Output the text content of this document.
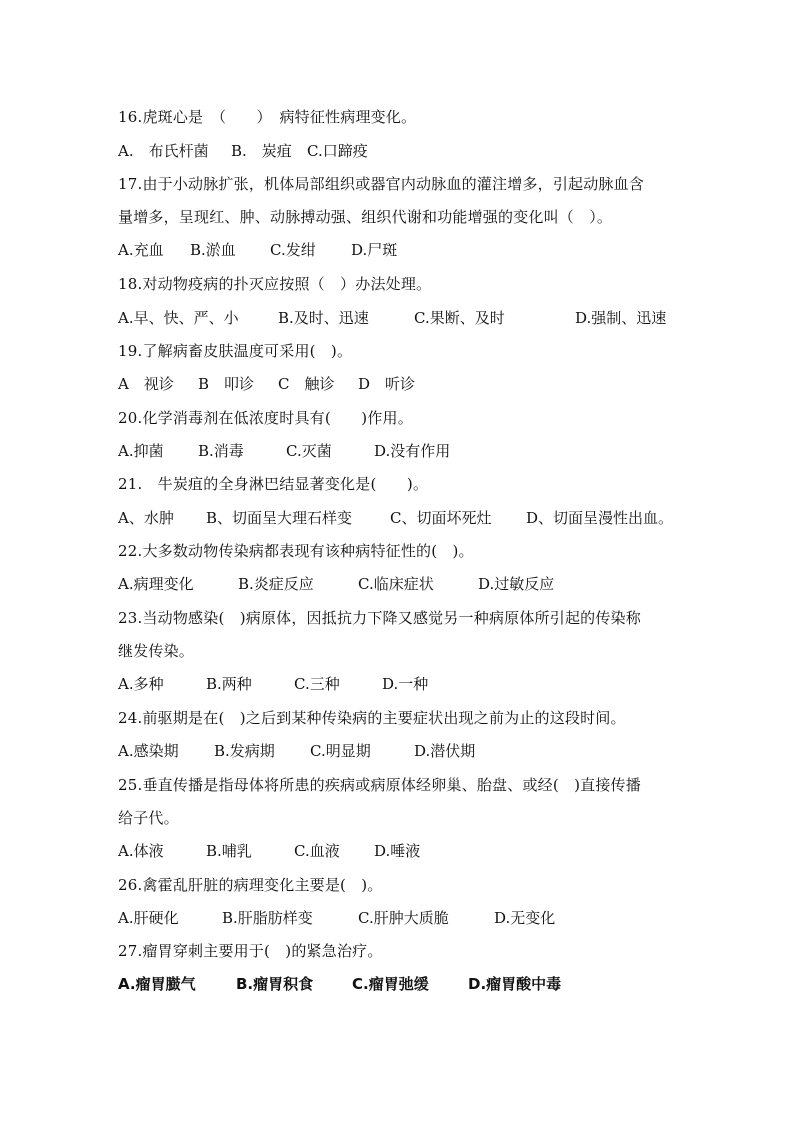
16.虎斑心是　（　　）　病特征性病理变化。
A.　布氏杆菌 B.　炭疽 C.口蹄疫
17.由于小动脉扩张，机体局部组织或器官内动脉血的灌注增多，引起动脉血含
量增多，呈现红、肿、动脉搏动强、组织代谢和功能增强的变化叫（　）。
A.充血 B.淤血 C.发绀 D.尸斑
18.对动物疫病的扑灭应按照（　）办法处理。
A.早、快、严、小	B.及时、迅速	C.果断、及时	D.强制、迅速
19.了解病畜皮肤温度可采用(　)。
A　视诊 B　叩诊 C　触诊 D　听诊
20.化学消毒剂在低浓度时具有(　　)作用。
A.抑菌 B.消毒	C.灭菌	D.没有作用
21.　牛炭疽的全身淋巴结显著变化是(　　)。
A、水肿 B、切面呈大理石样变	C、切面坏死灶 D、切面呈漫性出血。
22.大多数动物传染病都表现有该种病特征性的(　)。
A.病理变化	B.炎症反应	C.临床症状	D.过敏反应
23.当动物感染(　)病原体，因抵抗力下降又感觉另一种病原体所引起的传染称
继发传染。
A.多种	B.两种	C.三种	D.一种
24.前驱期是在(　)之后到某种传染病的主要症状出现之前为止的这段时间。
A.感染期 B.发病期 C.明显期	D.潜伏期
25.垂直传播是指母体将所患的疾病或病原体经卵巢、胎盘、或经(　)直接传播
给子代。
A.体液	B.哺乳	C.血液 D.唾液
26.禽霍乱肝脏的病理变化主要是(　)。
A.肝硬化	B.肝脂肪样变	C.肝肿大质脆	D.无变化
27.瘤胃穿刺主要用于(　)的紧急治疗。
A.瘤胃臌气	B.瘤胃积食	C.瘤胃弛缓	D.瘤胃酸中毒
